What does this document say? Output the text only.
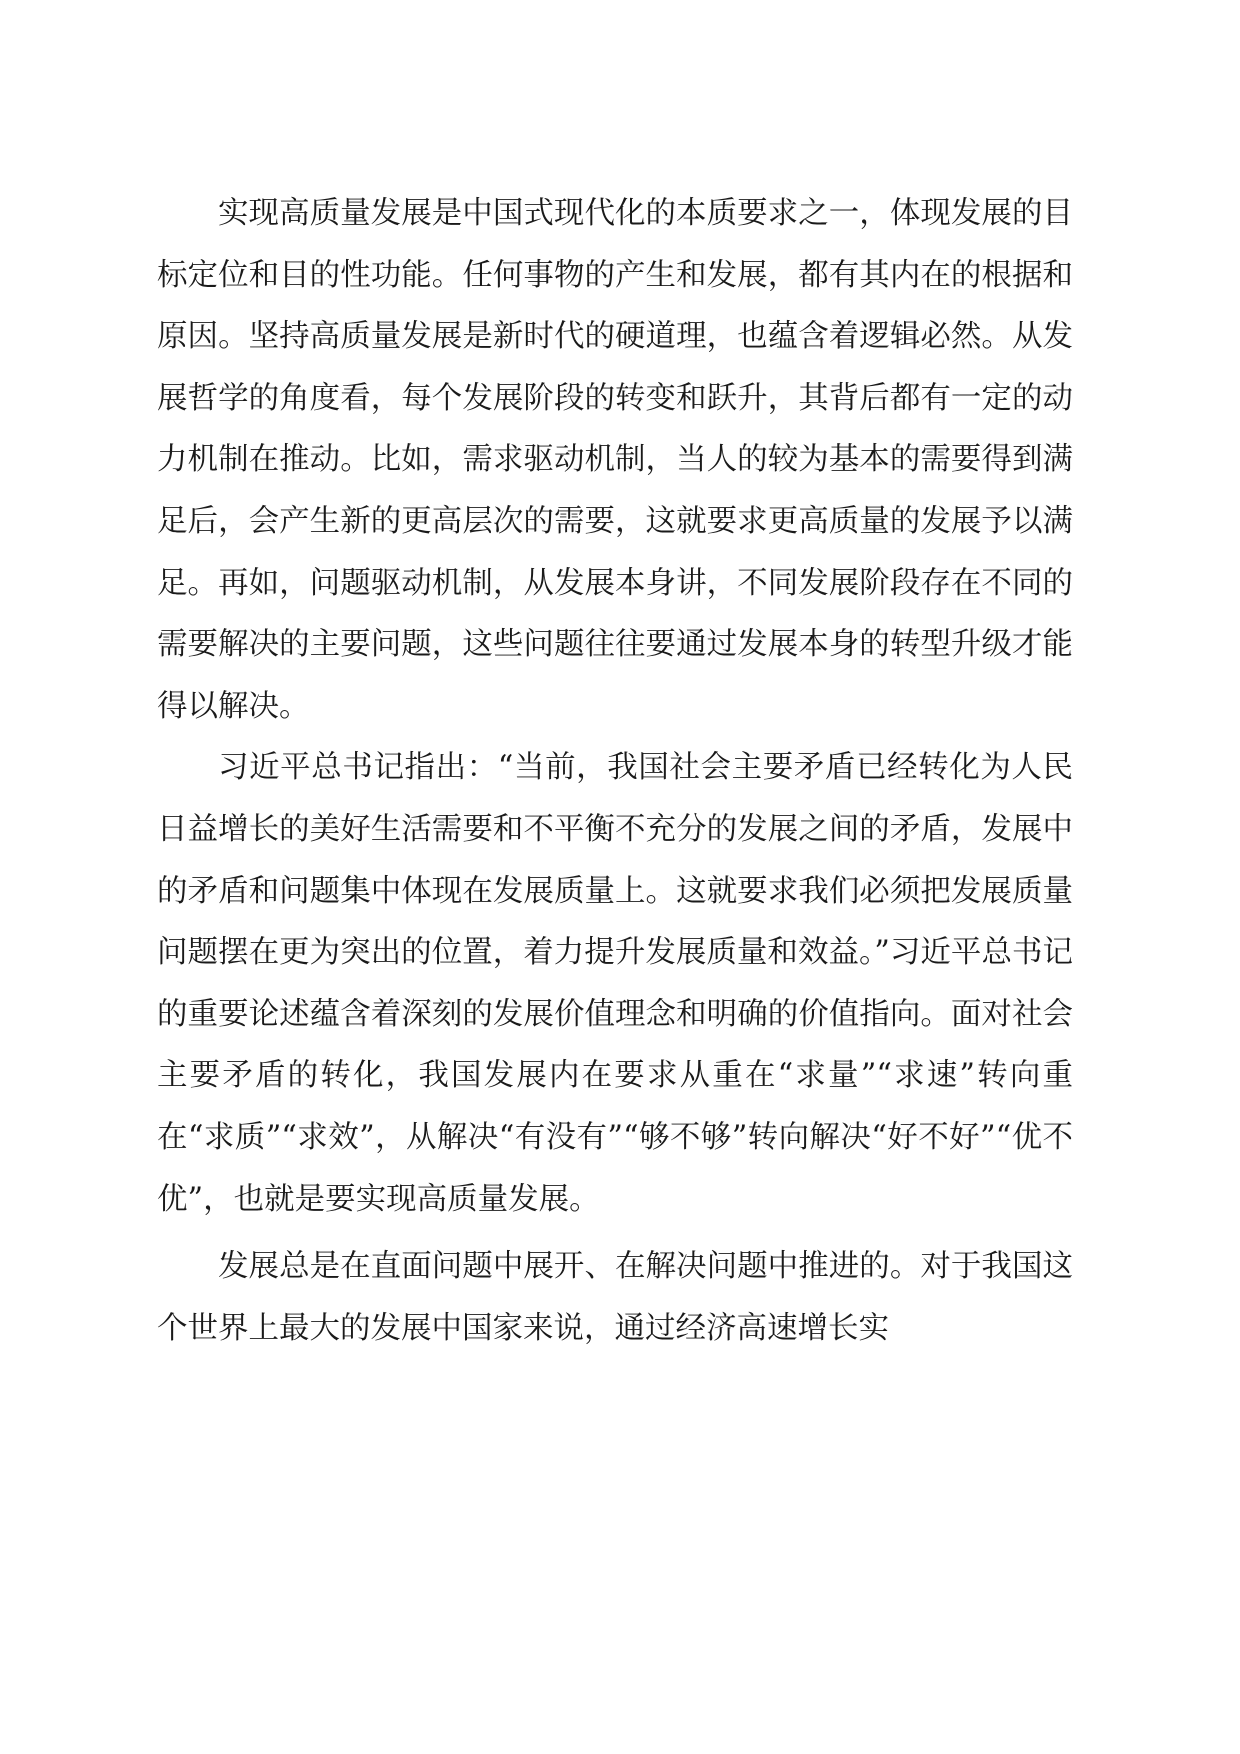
实现高质量发展是中国式现代化的本质要求之一，体现发展的目标定位和目的性功能。任何事物的产生和发展，都有其内在的根据和原因。坚持高质量发展是新时代的硬道理，也蕴含着逻辑必然。从发展哲学的角度看，每个发展阶段的转变和跃升，其背后都有一定的动力机制在推动。比如，需求驱动机制，当人的较为基本的需要得到满足后，会产生新的更高层次的需要，这就要求更高质量的发展予以满足。再如，问题驱动机制，从发展本身讲，不同发展阶段存在不同的需要解决的主要问题，这些问题往往要通过发展本身的转型升级才能得以解决。

习近平总书记指出：“当前，我国社会主要矛盾已经转化为人民日益增长的美好生活需要和不平衡不充分的发展之间的矛盾，发展中的矛盾和问题集中体现在发展质量上。这就要求我们必须把发展质量问题摆在更为突出的位置，着力提升发展质量和效益。”习近平总书记的重要论述蕴含着深刻的发展价值理念和明确的价值指向。面对社会主要矛盾的转化，我国发展内在要求从重在“求量”“求速”转向重在“求质”“求效”，从解决“有没有”“够不够”转向解决“好不好”“优不优”，也就是要实现高质量发展。

发展总是在直面问题中展开、在解决问题中推进的。对于我国这个世界上最大的发展中国家来说，通过经济高速增长实
